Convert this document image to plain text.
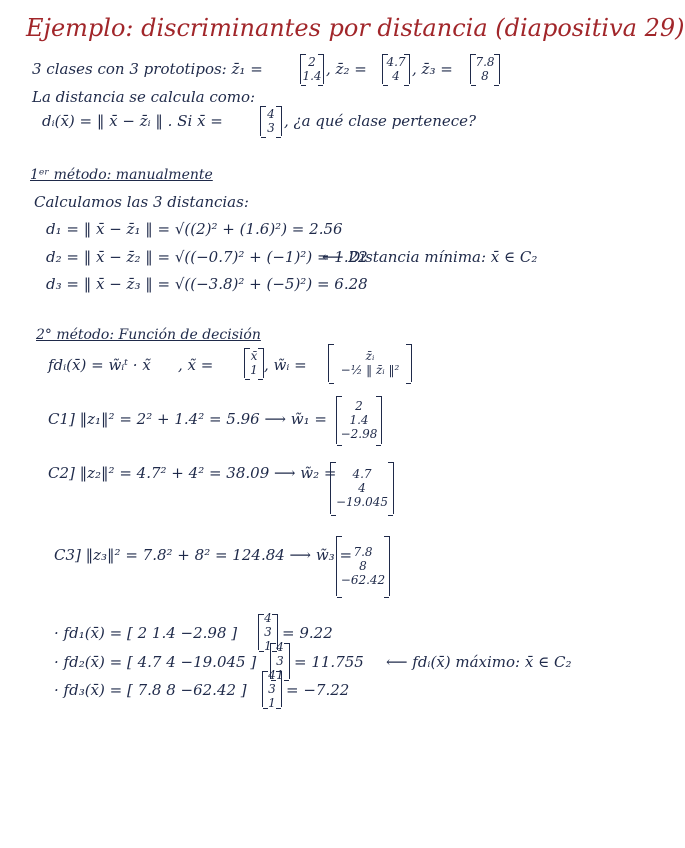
Ejemplo: discriminantes por distancia (diapositiva 29)
3 clases con 3 prototipos: z̄₁ =	2
1.4 , z̄₂ = 4.7
4 , z̄₃ = 7.8
8
La distancia se calcula como:
dᵢ(x̄) = ‖ x̄ − z̄ᵢ ‖ . Si x̄ =	4
3 , ¿a qué clase pertenece?
1ᵉʳ método: manualmente
Calculamos las 3 distancias:
d₁ = ‖ x̄ − z̄₁ ‖ = √((2)² + (1.6)²) = 2.56
d₂ = ‖ x̄ − z̄₂ ‖ = √((−0.7)² + (−1)²) = 1.22
⟵ Distancia mínima: x̄ ∈ C₂
d₃ = ‖ x̄ − z̄₃ ‖ = √((−3.8)² + (−5)²) = 6.28
2° método: Función de decisión
fdᵢ(x̄) = w̃ᵢᵗ · x̃ , x̃ =	x̄
1 , w̃ᵢ =	z̄ᵢ
−½ ‖ z̄ᵢ ‖²
C1] ‖z₁‖² = 2² + 1.4² = 5.96 ⟶ w̃₁ =
2
1.4
−2.98
C2] ‖z₂‖² = 4.7² + 4² = 38.09 ⟶ w̃₂ = 4.7
4
−19.045
C3] ‖z₃‖² = 7.8² + 8² = 124.84 ⟶ w̃₃ = 7.8
8
−62.42
· fd₁(x̄) = [ 2 1.4 −2.98 ]
4
3
1
= 9.22
· fd₂(x̄) = [ 4.7 4 −19.045 ]
4
3
1
= 11.755 ⟵ fdᵢ(x̄) máximo: x̄ ∈ C₂
· fd₃(x̄) = [ 7.8 8 −62.42 ]
4
3
1
= −7.22
